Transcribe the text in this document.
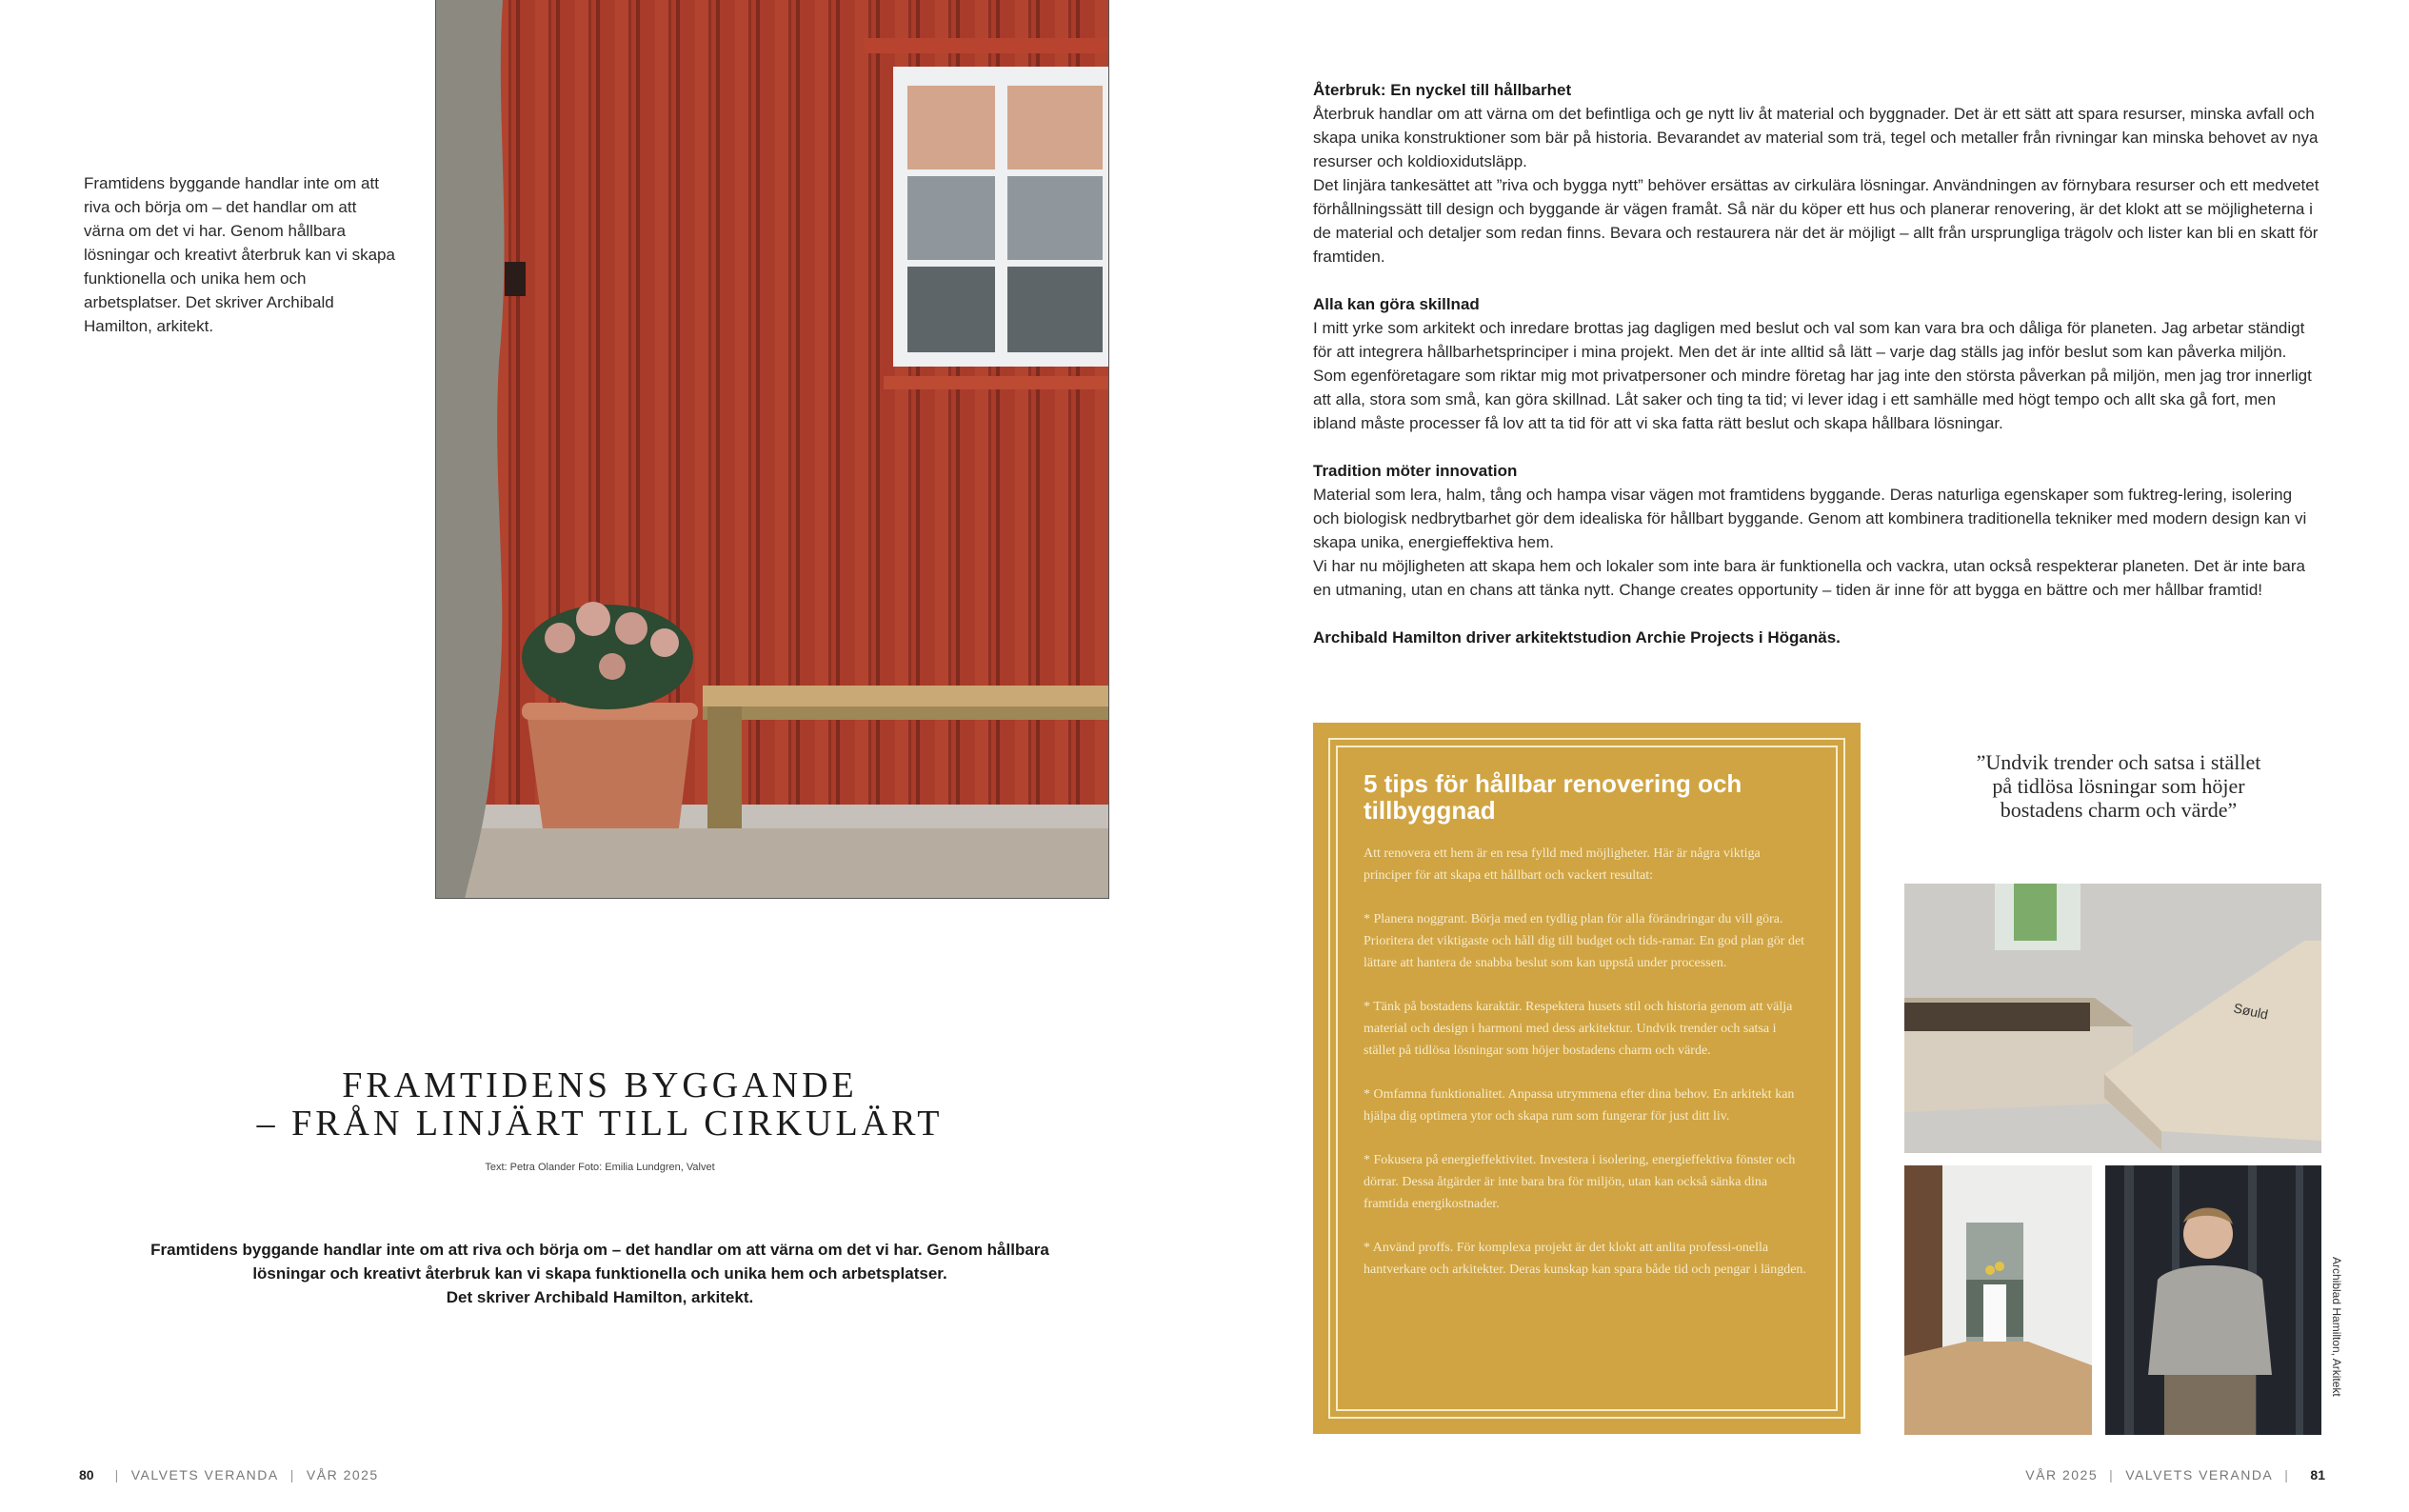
Framtidens byggande handlar inte om att riva och börja om – det handlar om att värna om det vi har. Genom hållbara lösningar och kreativt återbruk kan vi skapa funktionella och unika hem och arbetsplatser. Det skriver Archibald Hamilton, arkitekt.
FRAMTIDENS BYGGANDE
– FRÅN LINJÄRT TILL CIRKULÄRT
Text: Petra Olander Foto: Emilia Lundgren, Valvet
Framtidens byggande handlar inte om att riva och börja om – det handlar om att värna om det vi har. Genom hållbara
lösningar och kreativt återbruk kan vi skapa funktionella och unika hem och arbetsplatser.
Det skriver Archibald Hamilton, arkitekt.
80 | VALVETS VERANDA | VÅR 2025
Återbruk: En nyckel till hållbarhet

Återbruk handlar om att värna om det befintliga och ge nytt liv åt material och byggnader. Det är ett sätt att spara resurser, minska avfall och skapa unika konstruktioner som bär på historia. Bevarandet av material som trä, tegel och metaller från rivningar kan minska behovet av nya resurser och koldioxidutsläpp.

Det linjära tankesättet att ”riva och bygga nytt” behöver ersättas av cirkulära lösningar. Användningen av förnybara resurser och ett medvetet förhållningssätt till design och byggande är vägen framåt. Så när du köper ett hus och planerar renovering, är det klokt att se möjligheterna i de material och detaljer som redan finns. Bevara och restaurera när det är möjligt – allt från ursprungliga trägolv och lister kan bli en skatt för framtiden.

Alla kan göra skillnad

I mitt yrke som arkitekt och inredare brottas jag dagligen med beslut och val som kan vara bra och dåliga för planeten. Jag arbetar ständigt för att integrera hållbarhetsprinciper i mina projekt. Men det är inte alltid så lätt – varje dag ställs jag inför beslut som kan påverka miljön. Som egenföretagare som riktar mig mot privatpersoner och mindre företag har jag inte den största påverkan på miljön, men jag tror innerligt att alla, stora som små, kan göra skillnad. Låt saker och ting ta tid; vi lever idag i ett samhälle med högt tempo och allt ska gå fort, men ibland måste processer få lov att ta tid för att vi ska fatta rätt beslut och skapa hållbara lösningar.

Tradition möter innovation

Material som lera, halm, tång och hampa visar vägen mot framtidens byggande. Deras naturliga egenskaper som fuktreg-lering, isolering och biologisk nedbrytbarhet gör dem idealiska för hållbart byggande. Genom att kombinera traditionella tekniker med modern design kan vi skapa unika, energieffektiva hem.

Vi har nu möjligheten att skapa hem och lokaler som inte bara är funktionella och vackra, utan också respekterar planeten. Det är inte bara en utmaning, utan en chans att tänka nytt. Change creates opportunity – tiden är inne för att bygga en bättre och mer hållbar framtid!

Archibald Hamilton driver arkitektstudion Archie Projects i Höganäs.

5 tips för hållbar renovering och tillbyggnad

Att renovera ett hem är en resa fylld med möjligheter. Här är några viktiga principer för att skapa ett hållbart och vackert resultat:

* Planera noggrant. Börja med en tydlig plan för alla förändringar du vill göra. Prioritera det viktigaste och håll dig till budget och tids-ramar. En god plan gör det lättare att hantera de snabba beslut som kan uppstå under processen.

* Tänk på bostadens karaktär. Respektera husets stil och historia genom att välja material och design i harmoni med dess arkitektur. Undvik trender och satsa i stället på tidlösa lösningar som höjer bostadens charm och värde.

* Omfamna funktionalitet. Anpassa utrymmena efter dina behov. En arkitekt kan hjälpa dig optimera ytor och skapa rum som fungerar för just ditt liv.

* Fokusera på energieffektivitet. Investera i isolering, energieffektiva fönster och dörrar. Dessa åtgärder är inte bara bra för miljön, utan kan också sänka dina framtida energikostnader.

* Använd proffs. För komplexa projekt är det klokt att anlita professi-onella hantverkare och arkitekter. Deras kunskap kan spara både tid och pengar i längden.

”Undvik trender och satsa i stället
på tidlösa lösningar som höjer
bostadens charm och värde”
Søuld
Archiblad Hamilton, Arkitekt
VÅR 2025 | VALVETS VERANDA | 81
